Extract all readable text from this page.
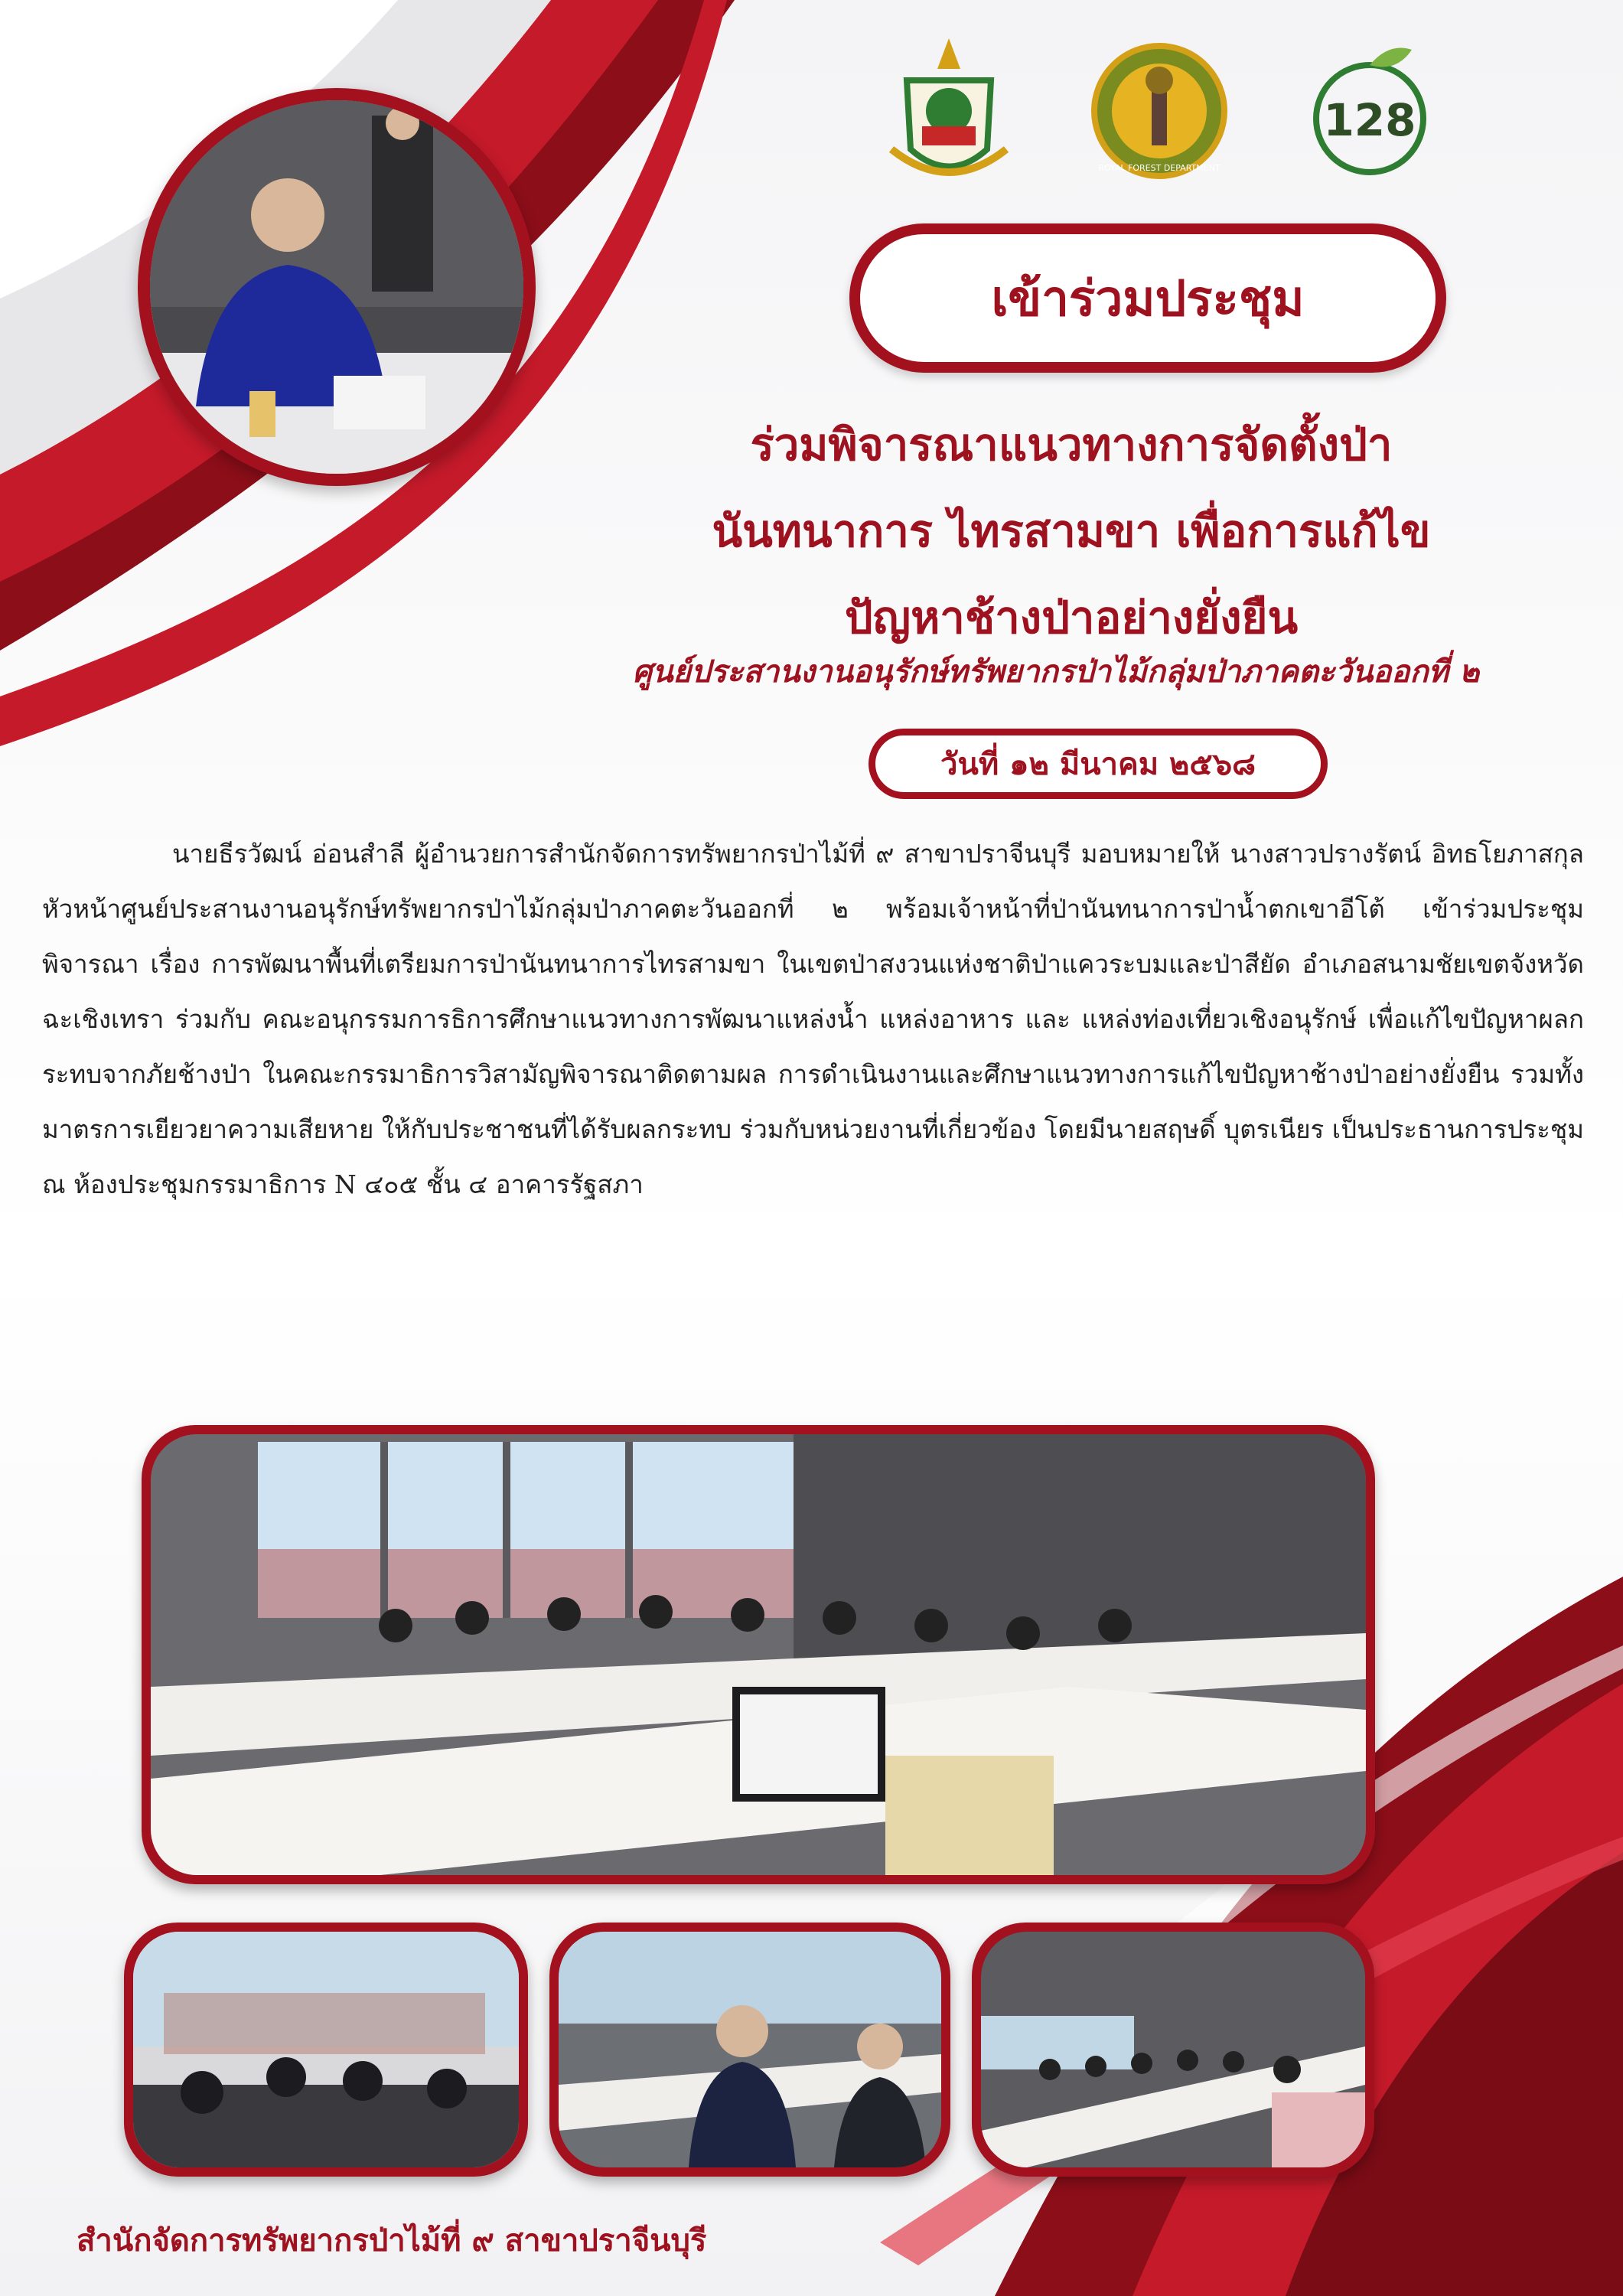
ROYAL FOREST DEPARTMENT
128
เข้าร่วมประชุม
ร่วมพิจารณาแนวทางการจัดตั้งป่า
นันทนาการ ไทรสามขา เพื่อการแก้ไข
ปัญหาช้างป่าอย่างยั่งยืน
ศูนย์ประสานงานอนุรักษ์ทรัพยากรป่าไม้กลุ่มป่าภาคตะวันออกที่ ๒
วันที่ ๑๒ มีนาคม ๒๕๖๘
นายธีรวัฒน์ อ่อนสำลี ผู้อำนวยการสำนักจัดการทรัพยากรป่าไม้ที่ ๙ สาขาปราจีนบุรี มอบหมายให้ นางสาวปรางรัตน์ อิทธโยภาสกุล หัวหน้าศูนย์ประสานงานอนุรักษ์ทรัพยากรป่าไม้กลุ่มป่าภาคตะวันออกที่ ๒ พร้อมเจ้าหน้าที่ป่านันทนาการป่าน้ำตกเขาอีโต้ เข้าร่วมประชุมพิจารณา เรื่อง การพัฒนาพื้นที่เตรียมการป่านันทนาการไทรสามขา ในเขตป่าสงวนแห่งชาติป่าแควระบมและป่าสียัด อำเภอสนามชัยเขตจังหวัดฉะเชิงเทรา ร่วมกับ คณะอนุกรรมการธิการศึกษาแนวทางการพัฒนาแหล่งน้ำ แหล่งอาหาร และ แหล่งท่องเที่ยวเชิงอนุรักษ์ เพื่อแก้ไขปัญหาผลกระทบจากภัยช้างป่า ในคณะกรรมาธิการวิสามัญพิจารณาติดตามผล การดำเนินงานและศึกษาแนวทางการแก้ไขปัญหาช้างป่าอย่างยั่งยืน รวมทั้งมาตรการเยียวยาความเสียหาย ให้กับประชาชนที่ได้รับผลกระทบ ร่วมกับหน่วยงานที่เกี่ยวข้อง โดยมีนายสฤษดิ์ บุตรเนียร เป็นประธานการประชุม ณ ห้องประชุมกรรมาธิการ N ๔๐๕ ชั้น ๔ อาคารรัฐสภา
สำนักจัดการทรัพยากรป่าไม้ที่ ๙ สาขาปราจีนบุรี
